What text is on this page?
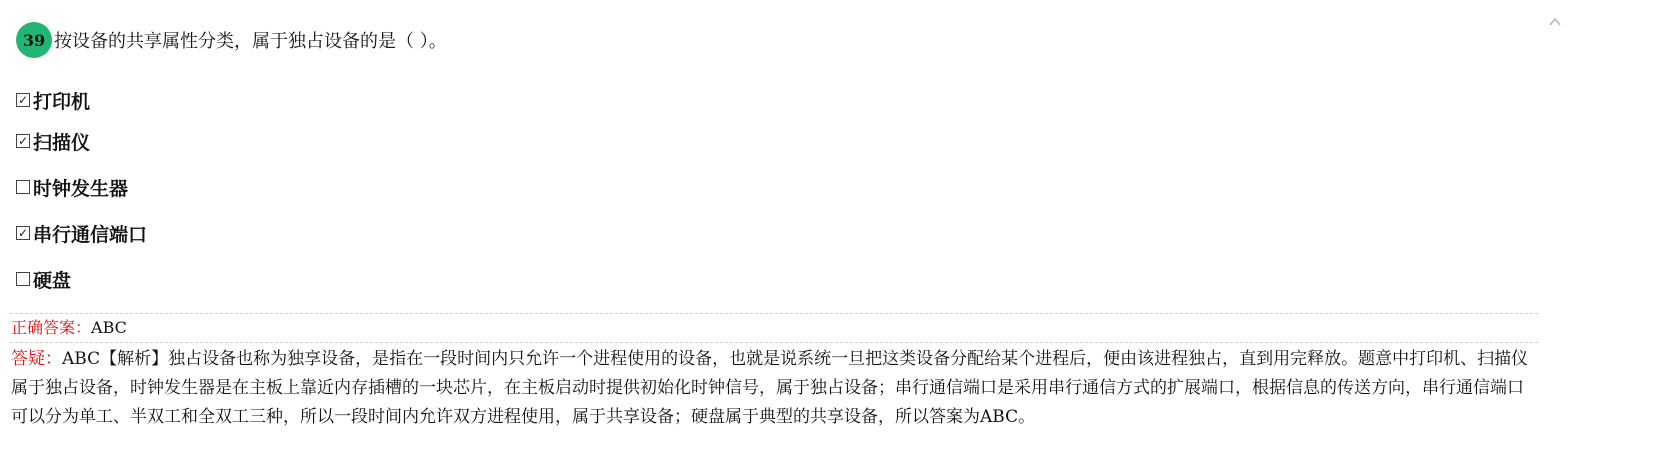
39 按设备的共享属性分类，属于独占设备的是（ ）。
✓ 打印机
✓ 扫描仪
时钟发生器
✓ 串行通信端口
硬盘
正确答案：ABC
答疑：ABC【解析】独占设备也称为独享设备，是指在一段时间内只允许一个进程使用的设备，也就是说系统一旦把这类设备分配给某个进程后，便由该进程独占，直到用完释放。题意中打印机、扫描仪属于独占设备，时钟发生器是在主板上靠近内存插槽的一块芯片，在主板启动时提供初始化时钟信号，属于独占设备；串行通信端口是采用串行通信方式的扩展端口，根据信息的传送方向，串行通信端口可以分为单工、半双工和全双工三种，所以一段时间内允许双方进程使用，属于共享设备；硬盘属于典型的共享设备，所以答案为ABC。
